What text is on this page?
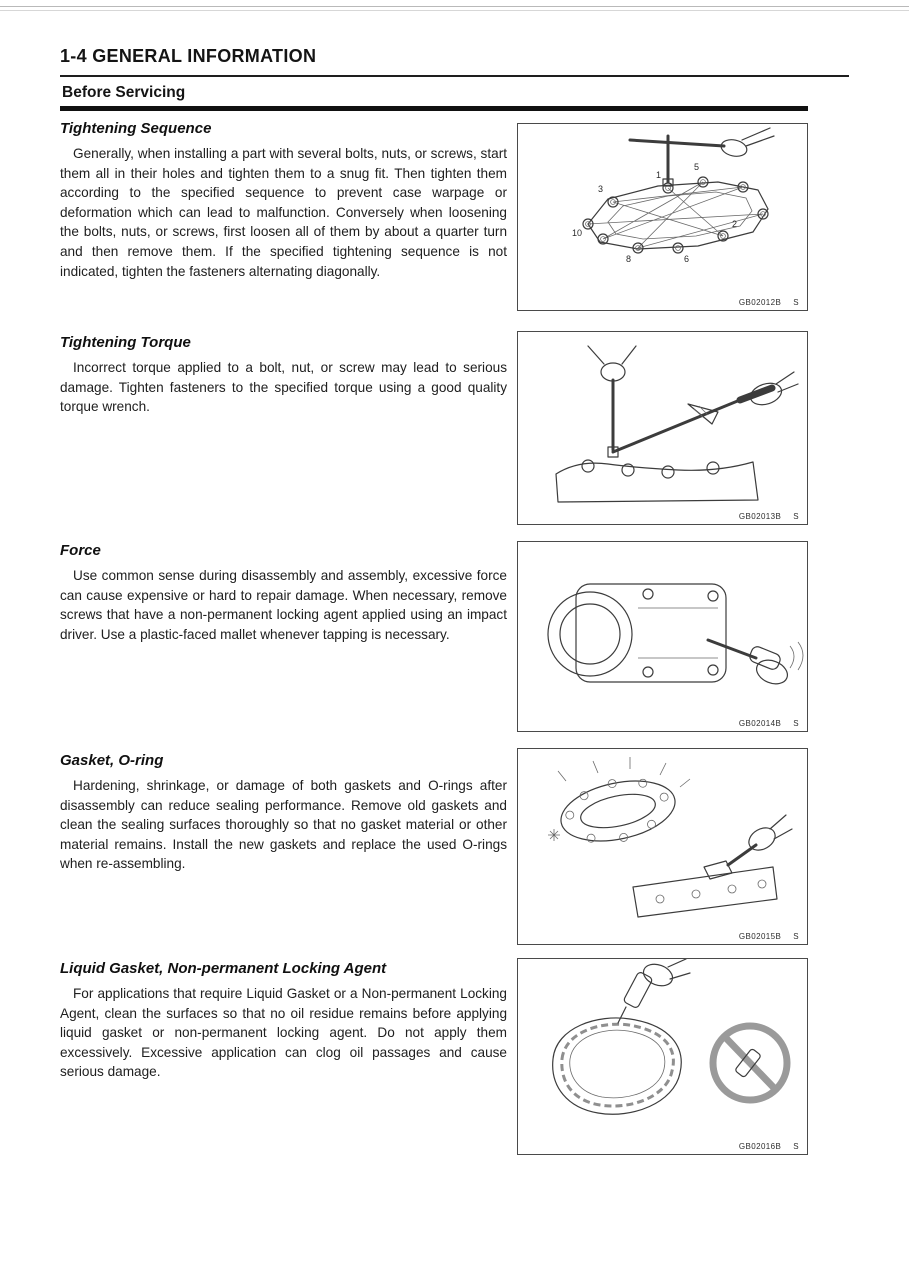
1-4 GENERAL INFORMATION
Before Servicing
Tightening Sequence

Generally, when installing a part with several bolts, nuts, or screws, start them all in their holes and tighten them to a snug fit. Then tighten them according to the specified sequence to prevent case warpage or deformation which can lead to malfunction. Conversely when loosening the bolts, nuts, or screws, first loosen all of them by about a quarter turn and then remove them. If the specified tightening sequence is not indicated, tighten the fasteners alternating diagonally.

Tightening Torque

Incorrect torque applied to a bolt, nut, or screw may lead to serious damage. Tighten fasteners to the specified torque using a good quality torque wrench.

Force

Use common sense during disassembly and assembly, excessive force can cause expensive or hard to repair damage. When necessary, remove screws that have a non-permanent locking agent applied using an impact driver. Use a plastic-faced mallet whenever tapping is necessary.

Gasket, O-ring

Hardening, shrinkage, or damage of both gaskets and O-rings after disassembly can reduce sealing performance. Remove old gaskets and clean the sealing surfaces thoroughly so that no gasket material or other material remains. Install the new gaskets and replace the used O-rings when re-assembling.

Liquid Gasket, Non-permanent Locking Agent

For applications that require Liquid Gasket or a Non-permanent Locking Agent, clean the surfaces so that no oil residue remains before applying liquid gasket or non-permanent locking agent. Do not apply them excessively. Excessive application can clog oil passages and cause serious damage.

1
2
3
5
6
8
10
GB02012B S
GB02013B S
GB02014B S
GB02015B S
GB02016B S
